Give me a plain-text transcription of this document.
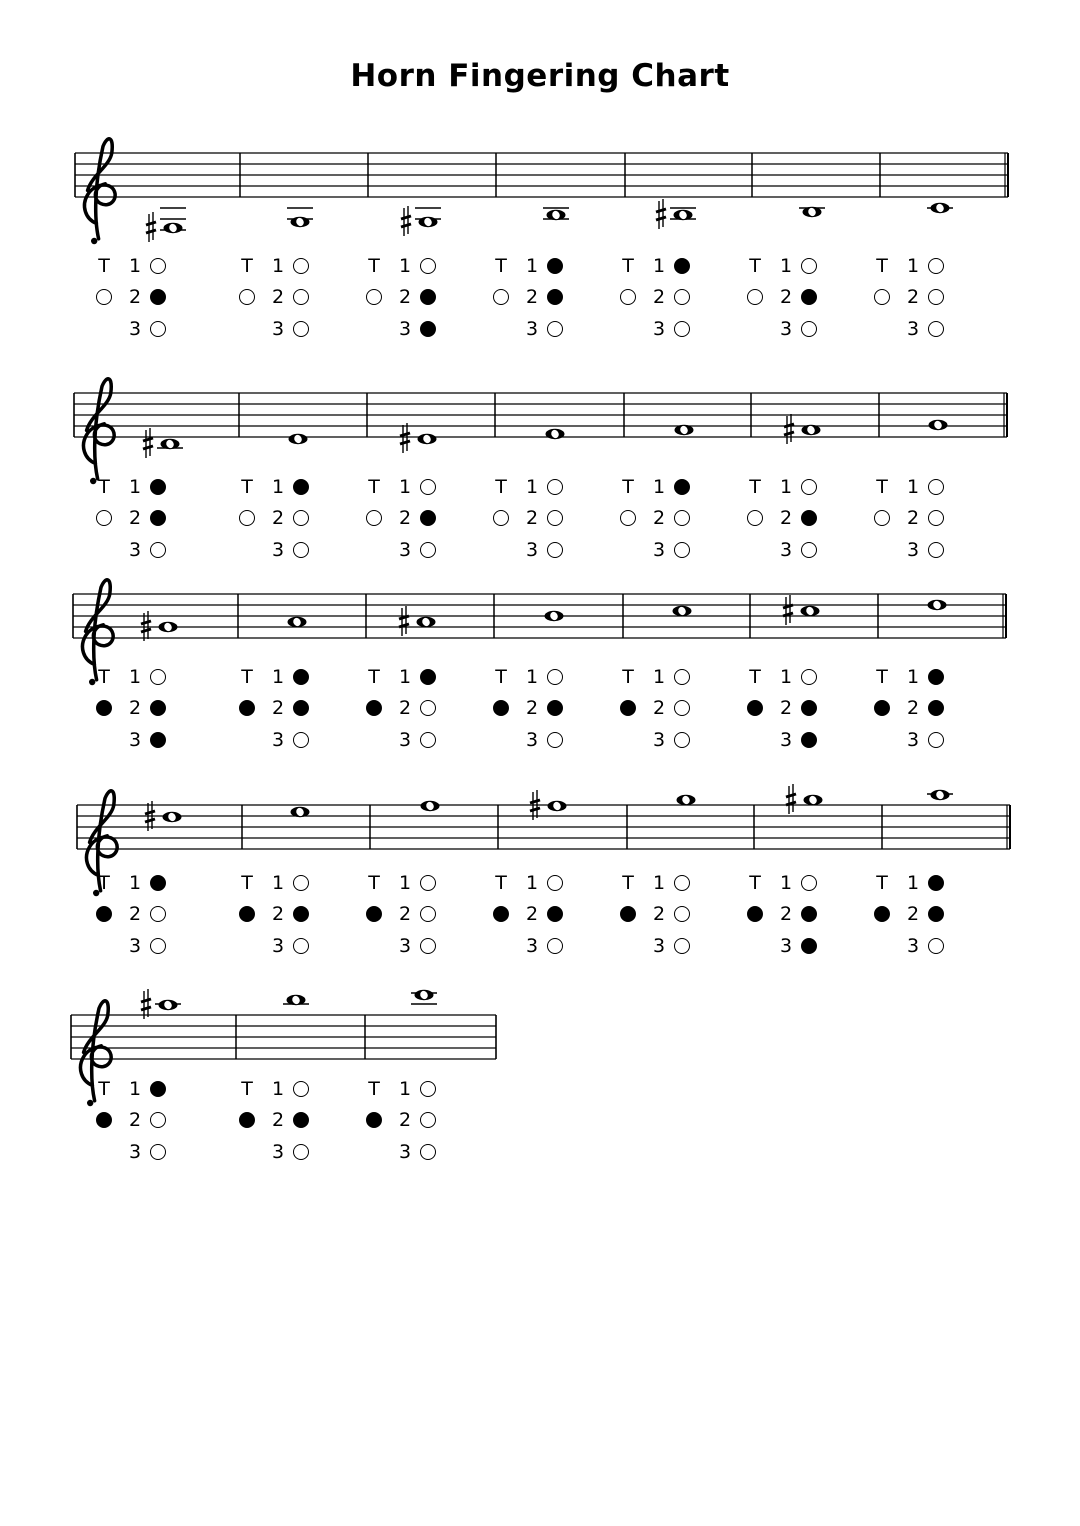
Horn Fingering Chart
T 1
2
3
T 1
2
3
T 1
2
3
T 1
2
3
T 1
2
3
T 1
2
3
T 1
2
3
T 1
2
3
T 1
2
3
T 1
2
3
T 1
2
3
T 1
2
3
T 1
2
3
T 1
2
3
T 1
2
3
T 1
2
3
T 1
2
3
T 1
2
3
T 1
2
3
T 1
2
3
T 1
2
3
T 1
2
3
T 1
2
3
T 1
2
3
T 1
2
3
T 1
2
3
T 1
2
3
T 1
2
3
T 1
2
3
T 1
2
3
T 1
2
3
